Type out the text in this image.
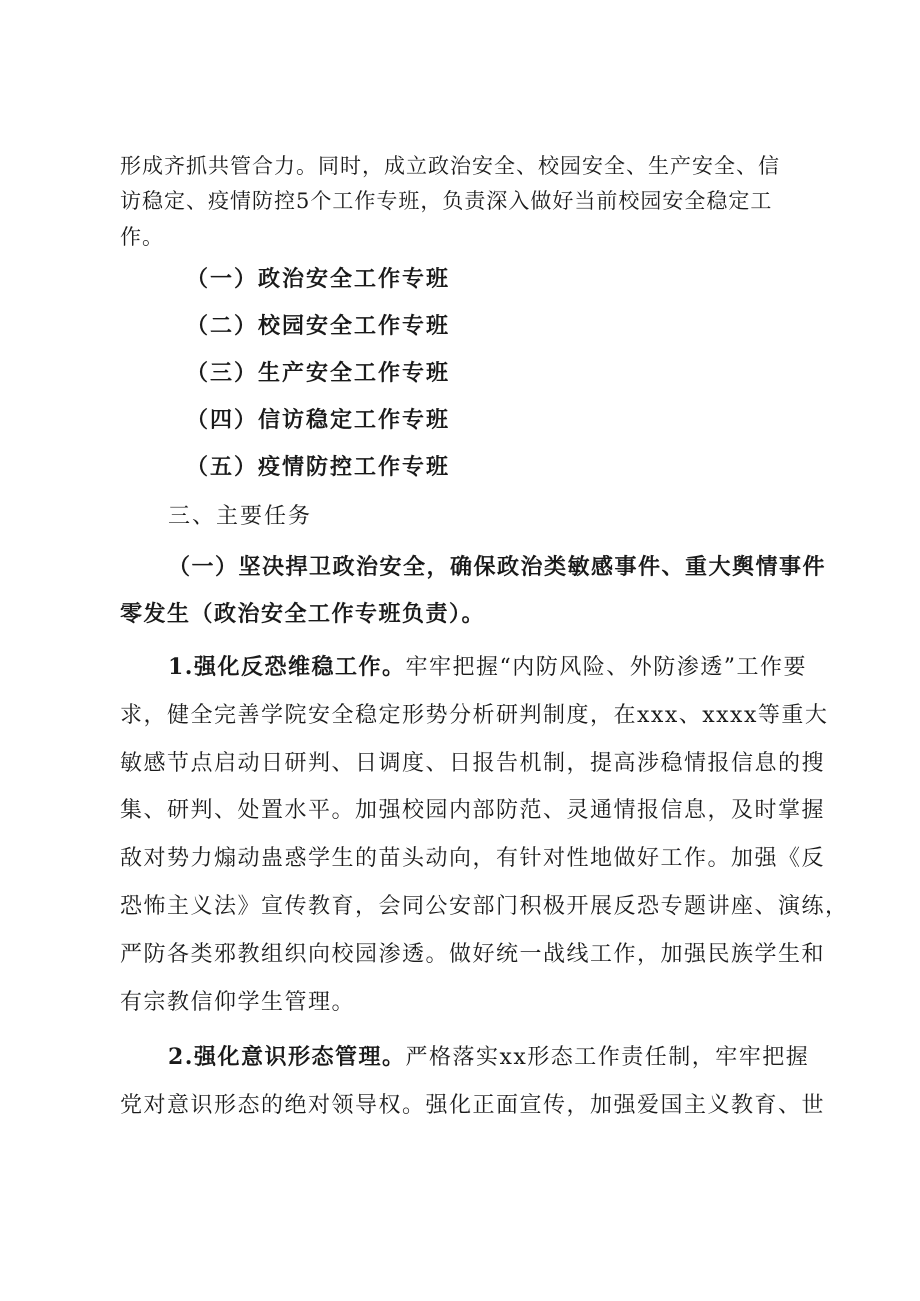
形成齐抓共管合力。同时，成立政治安全、校园安全、生产安全、信
访稳定、疫情防控5个工作专班，负责深入做好当前校园安全稳定工
作。
（一）政治安全工作专班
（二）校园安全工作专班
（三）生产安全工作专班
（四）信访稳定工作专班
（五）疫情防控工作专班
三、主要任务
（一）坚决捍卫政治安全，确保政治类敏感事件、重大舆情事件
零发生（政治安全工作专班负责）。
1.强化反恐维稳工作。牢牢把握“内防风险、外防渗透”工作要
求，健全完善学院安全稳定形势分析研判制度，在xxx、xxxx等重大
敏感节点启动日研判、日调度、日报告机制，提高涉稳情报信息的搜
集、研判、处置水平。加强校园内部防范、灵通情报信息，及时掌握
敌对势力煽动蛊惑学生的苗头动向，有针对性地做好工作。加强《反
恐怖主义法》宣传教育，会同公安部门积极开展反恐专题讲座、演练，
严防各类邪教组织向校园渗透。做好统一战线工作，加强民族学生和
有宗教信仰学生管理。
2.强化意识形态管理。严格落实xx形态工作责任制，牢牢把握
党对意识形态的绝对领导权。强化正面宣传，加强爱国主义教育、世
